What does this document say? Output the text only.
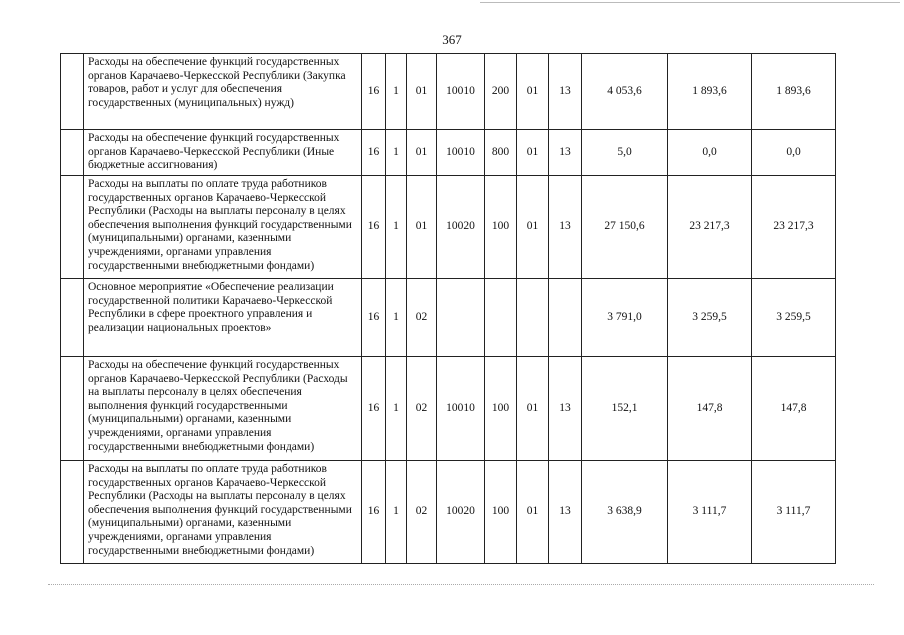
367
	Расходы на обеспечение функций государственных органов Карачаево-Черкесской Республики (Закупка товаров, работ и услуг для обеспечения государственных (муниципальных) нужд)	16	1	01	10010	200	01	13	4 053,6	1 893,6	1 893,6
	Расходы на обеспечение функций государственных органов Карачаево-Черкесской Республики (Иные бюджетные ассигнования)	16	1	01	10010	800	01	13	5,0	0,0	0,0
	Расходы на выплаты по оплате труда работников государственных органов Карачаево-Черкесской Республики (Расходы на выплаты персоналу в целях обеспечения выполнения функций государственными (муниципальными) органами, казенными учреждениями, органами управления государственными внебюджетными фондами)	16	1	01	10020	100	01	13	27 150,6	23 217,3	23 217,3
	Основное мероприятие «Обеспечение реализации государственной политики Карачаево-Черкесской Республики в сфере проектного управления и реализации национальных проектов»	16	1	02					3 791,0	3 259,5	3 259,5
	Расходы на обеспечение функций государственных органов Карачаево-Черкесской Республики (Расходы на выплаты персоналу в целях обеспечения выполнения функций государственными (муниципальными) органами, казенными учреждениями, органами управления государственными внебюджетными фондами)	16	1	02	10010	100	01	13	152,1	147,8	147,8
	Расходы на выплаты по оплате труда работников государственных органов Карачаево-Черкесской Республики (Расходы на выплаты персоналу в целях обеспечения выполнения функций государственными (муниципальными) органами, казенными учреждениями, органами управления государственными внебюджетными фондами)	16	1	02	10020	100	01	13	3 638,9	3 111,7	3 111,7
